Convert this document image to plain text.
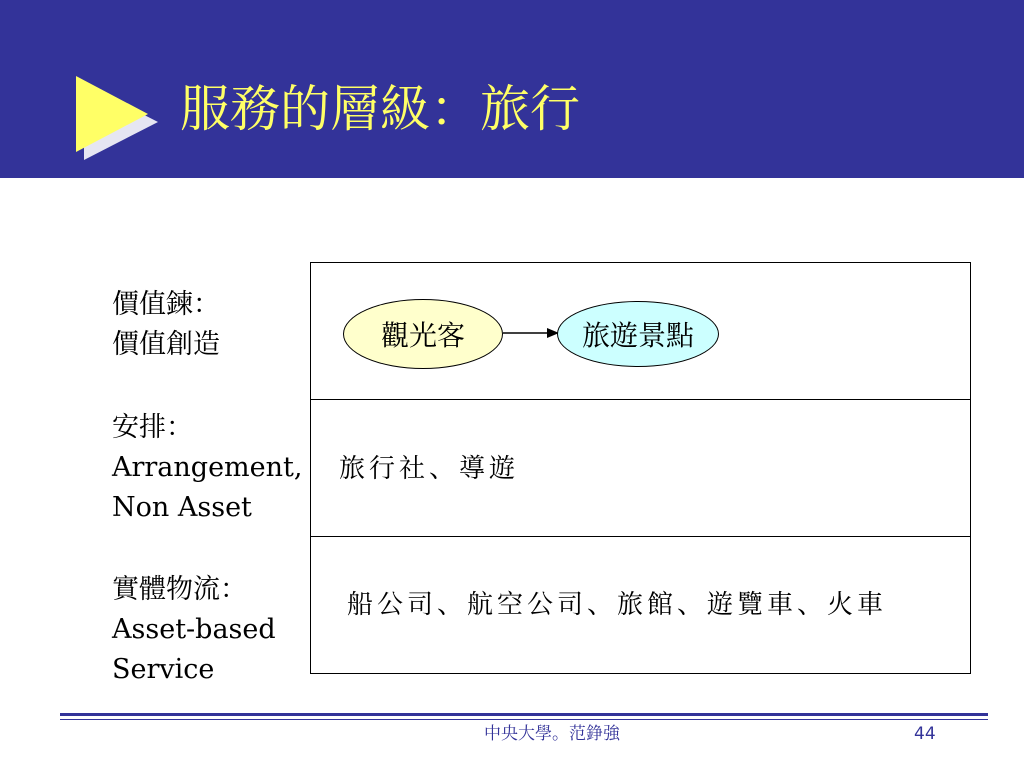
服務的層級：旅行
價值鍊：
價值創造
安排：
Arrangement,
Non Asset
實體物流：
Asset-based
Service
觀光客	旅遊景點
旅行社、導遊
船公司、航空公司、旅館、遊覽車、火車
中央大學。范錚強	44
